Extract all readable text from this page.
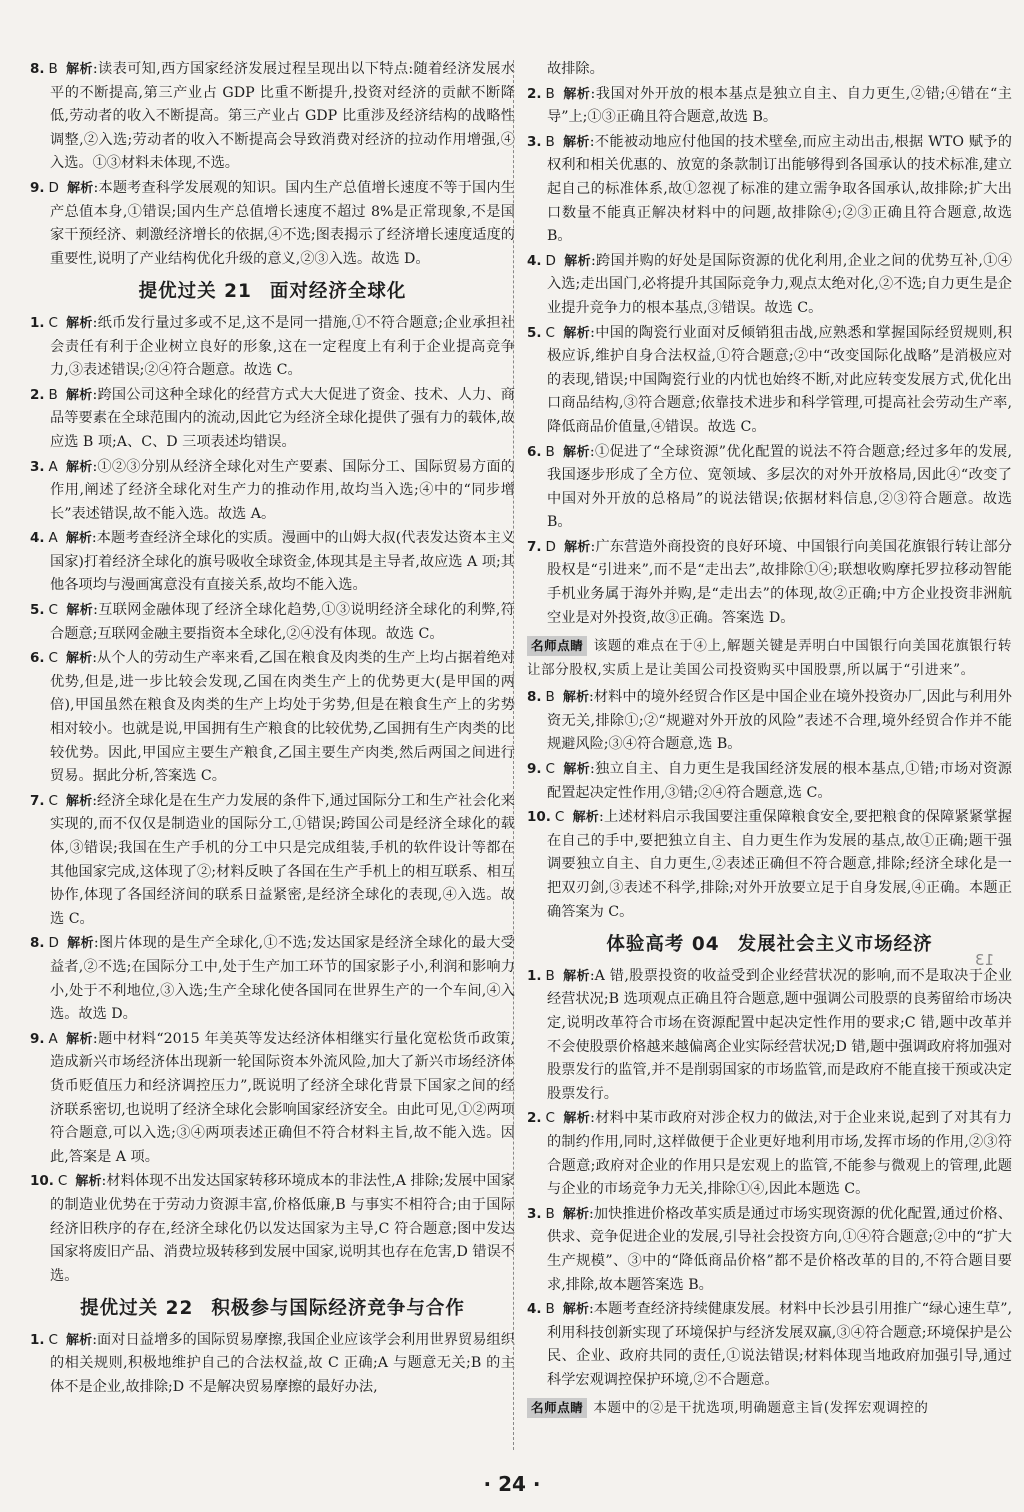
8. B 解析:读表可知,西方国家经济发展过程呈现出以下特点:随着经济发展水平的不断提高,第三产业占 GDP 比重不断提升,投资对经济的贡献不断降低,劳动者的收入不断提高。第三产业占 GDP 比重涉及经济结构的战略性调整,②入选;劳动者的收入不断提高会导致消费对经济的拉动作用增强,④入选。①③材料未体现,不选。
9. D 解析:本题考查科学发展观的知识。国内生产总值增长速度不等于国内生产总值本身,①错误;国内生产总值增长速度不超过 8%是正常现象,不是国家干预经济、刺激经济增长的依据,④不选;图表揭示了经济增长速度适度的重要性,说明了产业结构优化升级的意义,②③入选。故选 D。
提优过关 21 面对经济全球化
1. C 解析:纸币发行量过多或不足,这不是同一措施,①不符合题意;企业承担社会责任有利于企业树立良好的形象,这在一定程度上有利于企业提高竞争力,③表述错误;②④符合题意。故选 C。
2. B 解析:跨国公司这种全球化的经营方式大大促进了资金、技术、人力、商品等要素在全球范围内的流动,因此它为经济全球化提供了强有力的载体,故应选 B 项;A、C、D 三项表述均错误。
3. A 解析:①②③分别从经济全球化对生产要素、国际分工、国际贸易方面的作用,阐述了经济全球化对生产力的推动作用,故均当入选;④中的“同步增长”表述错误,故不能入选。故选 A。
4. A 解析:本题考查经济全球化的实质。漫画中的山姆大叔(代表发达资本主义国家)打着经济全球化的旗号吸收全球资金,体现其是主导者,故应选 A 项;其他各项均与漫画寓意没有直接关系,故均不能入选。
5. C 解析:互联网金融体现了经济全球化趋势,①③说明经济全球化的利弊,符合题意;互联网金融主要指资本全球化,②④没有体现。故选 C。
6. C 解析:从个人的劳动生产率来看,乙国在粮食及肉类的生产上均占据着绝对优势,但是,进一步比较会发现,乙国在肉类生产上的优势更大(是甲国的两倍),甲国虽然在粮食及肉类的生产上均处于劣势,但是在粮食生产上的劣势相对较小。也就是说,甲国拥有生产粮食的比较优势,乙国拥有生产肉类的比较优势。因此,甲国应主要生产粮食,乙国主要生产肉类,然后两国之间进行贸易。据此分析,答案选 C。
7. C 解析:经济全球化是在生产力发展的条件下,通过国际分工和生产社会化来实现的,而不仅仅是制造业的国际分工,①错误;跨国公司是经济全球化的载体,③错误;我国在生产手机的分工中只是完成组装,手机的软件设计等都在其他国家完成,这体现了②;材料反映了各国在生产手机上的相互联系、相互协作,体现了各国经济间的联系日益紧密,是经济全球化的表现,④入选。故选 C。
8. D 解析:图片体现的是生产全球化,①不选;发达国家是经济全球化的最大受益者,②不选;在国际分工中,处于生产加工环节的国家影子小,利润和影响力小,处于不利地位,③入选;生产全球化使各国同在世界生产的一个车间,④入选。故选 D。
9. A 解析:题中材料“2015 年美英等发达经济体相继实行量化宽松货币政策,造成新兴市场经济体出现新一轮国际资本外流风险,加大了新兴市场经济体货币贬值压力和经济调控压力”,既说明了经济全球化背景下国家之间的经济联系密切,也说明了经济全球化会影响国家经济安全。由此可见,①②两项符合题意,可以入选;③④两项表述正确但不符合材料主旨,故不能入选。因此,答案是 A 项。
10. C 解析:材料体现不出发达国家转移环境成本的非法性,A 排除;发展中国家的制造业优势在于劳动力资源丰富,价格低廉,B 与事实不相符合;由于国际经济旧秩序的存在,经济全球化仍以发达国家为主导,C 符合题意;图中发达国家将废旧产品、消费垃圾转移到发展中国家,说明其也存在危害,D 错误不选。
提优过关 22 积极参与国际经济竞争与合作
1. C 解析:面对日益增多的国际贸易摩擦,我国企业应该学会利用世界贸易组织的相关规则,积极地维护自己的合法权益,故 C 正确;A 与题意无关;B 的主体不是企业,故排除;D 不是解决贸易摩擦的最好办法,
故排除。
2. B 解析:我国对外开放的根本基点是独立自主、自力更生,②错;④错在“主导”上;①③正确且符合题意,故选 B。
3. B 解析:不能被动地应付他国的技术壁垒,而应主动出击,根据 WTO 赋予的权利和相关优惠的、放宽的条款制订出能够得到各国承认的技术标准,建立起自己的标准体系,故①忽视了标准的建立需争取各国承认,故排除;扩大出口数量不能真正解决材料中的问题,故排除④;②③正确且符合题意,故选 B。
4. D 解析:跨国并购的好处是国际资源的优化利用,企业之间的优势互补,①④入选;走出国门,必将提升其国际竞争力,观点太绝对化,②不选;自力更生是企业提升竞争力的根本基点,③错误。故选 C。
5. C 解析:中国的陶瓷行业面对反倾销狙击战,应熟悉和掌握国际经贸规则,积极应诉,维护自身合法权益,①符合题意;②中“改变国际化战略”是消极应对的表现,错误;中国陶瓷行业的内忧也始终不断,对此应转变发展方式,优化出口商品结构,③符合题意;依靠技术进步和科学管理,可提高社会劳动生产率,降低商品价值量,④错误。故选 C。
6. B 解析:①促进了“全球资源”优化配置的说法不符合题意;经过多年的发展,我国逐步形成了全方位、宽领域、多层次的对外开放格局,因此④“改变了中国对外开放的总格局”的说法错误;依据材料信息,②③符合题意。故选 B。
7. D 解析:广东营造外商投资的良好环境、中国银行向美国花旗银行转让部分股权是“引进来”,而不是“走出去”,故排除①④;联想收购摩托罗拉移动智能手机业务属于海外并购,是“走出去”的体现,故②正确;中方企业投资非洲航空业是对外投资,故③正确。答案选 D。
名师点睛 该题的难点在于④上,解题关键是弄明白中国银行向美国花旗银行转让部分股权,实质上是让美国公司投资购买中国股票,所以属于“引进来”。
8. B 解析:材料中的境外经贸合作区是中国企业在境外投资办厂,因此与利用外资无关,排除①;②“规避对外开放的风险”表述不合理,境外经贸合作并不能规避风险;③④符合题意,选 B。
9. C 解析:独立自主、自力更生是我国经济发展的根本基点,①错;市场对资源配置起决定性作用,③错;②④符合题意,选 C。
10. C 解析:上述材料启示我国要注重保障粮食安全,要把粮食的保障紧紧掌握在自己的手中,要把独立自主、自力更生作为发展的基点,故①正确;题干强调要独立自主、自力更生,②表述正确但不符合题意,排除;经济全球化是一把双刃剑,③表述不科学,排除;对外开放要立足于自身发展,④正确。本题正确答案为 C。
体验高考 04 发展社会主义市场经济
1. B 解析:A 错,股票投资的收益受到企业经营状况的影响,而不是取决于企业经营状况;B 选项观点正确且符合题意,题中强调公司股票的良莠留给市场决定,说明改革符合市场在资源配置中起决定性作用的要求;C 错,题中改革并不会使股票价格越来越偏离企业实际经营状况;D 错,题中强调政府将加强对股票发行的监管,并不是削弱国家的市场监管,而是政府不能直接干预或决定股票发行。
2. C 解析:材料中某市政府对涉企权力的做法,对于企业来说,起到了对其有力的制约作用,同时,这样做便于企业更好地利用市场,发挥市场的作用,②③符合题意;政府对企业的作用只是宏观上的监管,不能参与微观上的管理,此题与企业的市场竞争力无关,排除①④,因此本题选 C。
3. B 解析:加快推进价格改革实质是通过市场实现资源的优化配置,通过价格、供求、竞争促进企业的发展,引导社会投资方向,①④符合题意;②中的“扩大生产规模”、③中的“降低商品价格”都不是价格改革的目的,不符合题目要求,排除,故本题答案选 B。
4. B 解析:本题考查经济持续健康发展。材料中长沙县引用推广“绿心速生草”,利用科技创新实现了环境保护与经济发展双赢,③④符合题意;环境保护是公民、企业、政府共同的责任,①说法错误;材料体现当地政府加强引导,通过科学宏观调控保护环境,②不合题意。
名师点睛 本题中的②是干扰选项,明确题意主旨(发挥宏观调控的
13
· 24 ·
